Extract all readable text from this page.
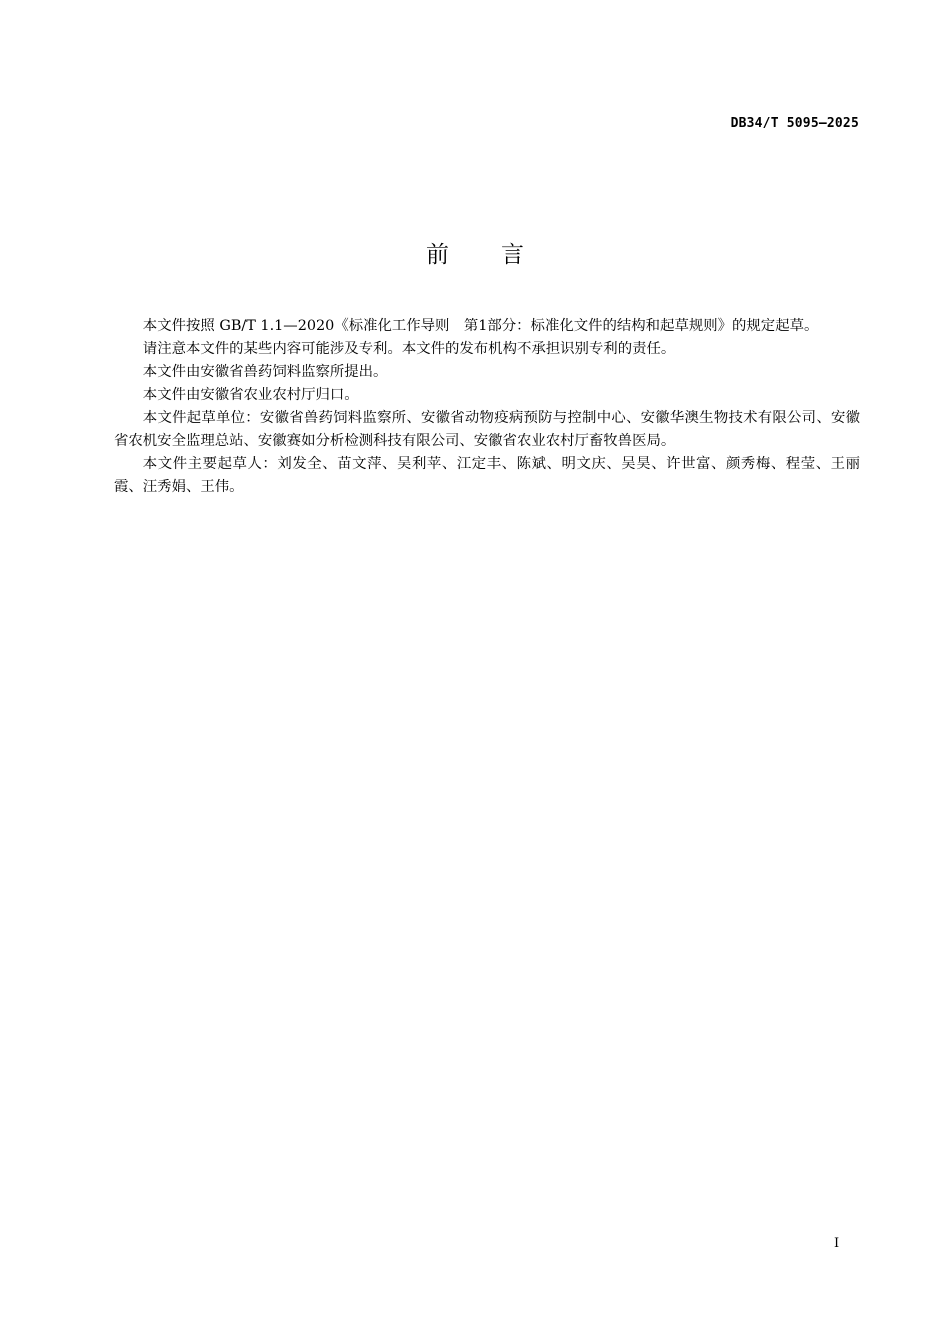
DB34/T 5095—2025
前言

本文件按照 GB/T 1.1—2020《标准化工作导则　第1部分：标准化文件的结构和起草规则》的规定起草。

请注意本文件的某些内容可能涉及专利。本文件的发布机构不承担识别专利的责任。

本文件由安徽省兽药饲料监察所提出。

本文件由安徽省农业农村厅归口。

本文件起草单位：安徽省兽药饲料监察所、安徽省动物疫病预防与控制中心、安徽华澳生物技术有限公司、安徽省农机安全监理总站、安徽赛如分析检测科技有限公司、安徽省农业农村厅畜牧兽医局。

本文件主要起草人：刘发全、苗文萍、吴利苹、江定丰、陈斌、明文庆、吴昊、许世富、颜秀梅、程莹、王丽霞、汪秀娟、王伟。

I
